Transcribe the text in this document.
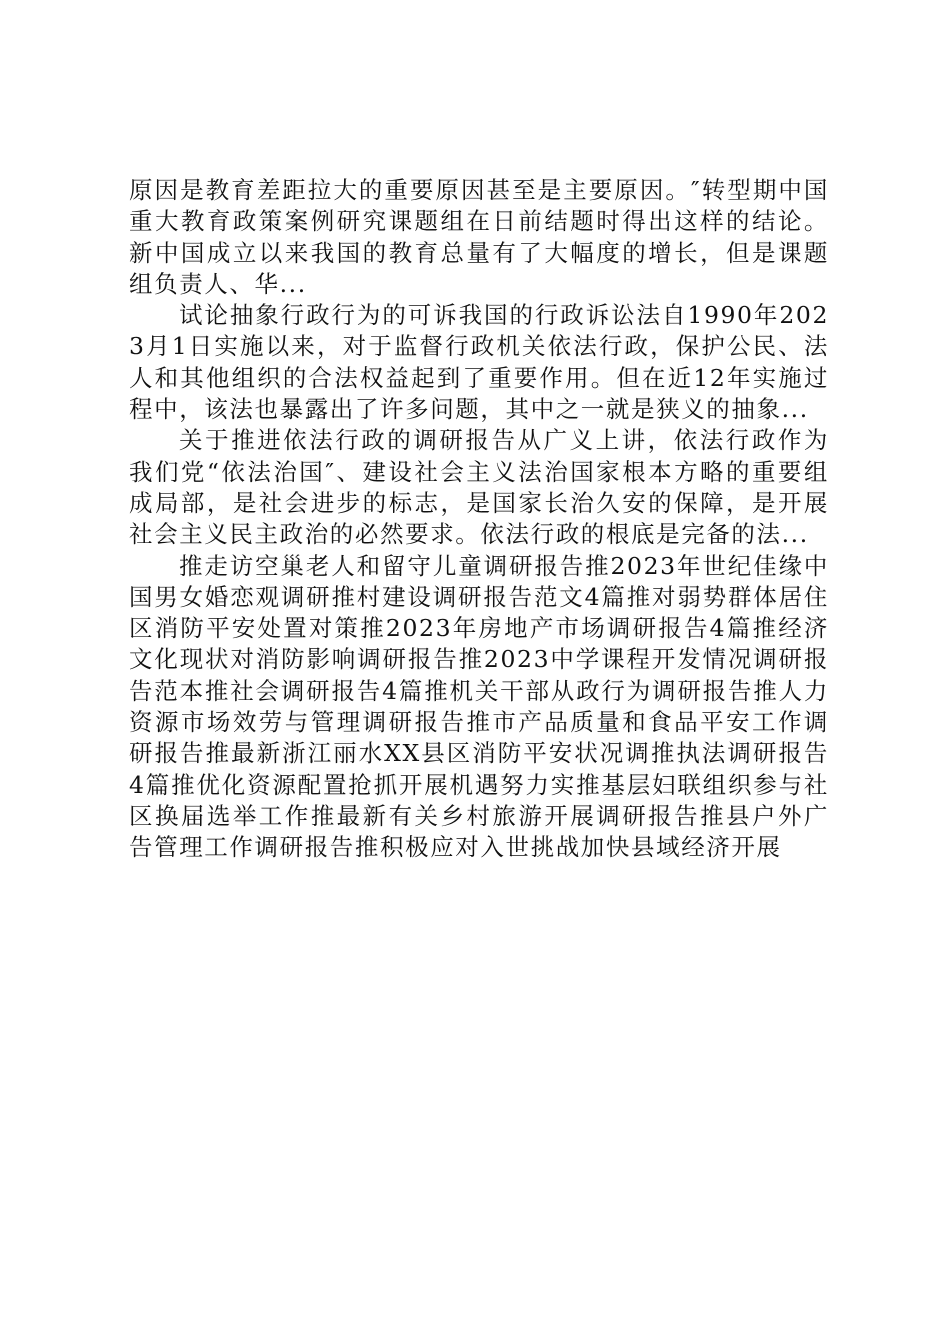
原因是教育差距拉大的重要原因甚至是主要原因。″转型期中国重大教育政策案例研究课题组在日前结题时得出这样的结论。新中国成立以来我国的教育总量有了大幅度的增长，但是课题组负责人、华...

试论抽象行政行为的可诉我国的行政诉讼法自1990年2023月1日实施以来，对于监督行政机关依法行政，保护公民、法人和其他组织的合法权益起到了重要作用。但在近12年实施过程中，该法也暴露出了许多问题，其中之一就是狭义的抽象...

关于推进依法行政的调研报告从广义上讲，依法行政作为我们党“依法治国″、建设社会主义法治国家根本方略的重要组成局部，是社会进步的标志，是国家长治久安的保障，是开展社会主义民主政治的必然要求。依法行政的根底是完备的法...

推走访空巢老人和留守儿童调研报告推2023年世纪佳缘中国男女婚恋观调研推村建设调研报告范文4篇推对弱势群体居住区消防平安处置对策推2023年房地产市场调研报告4篇推经济文化现状对消防影响调研报告推2023中学课程开发情况调研报告范本推社会调研报告4篇推机关干部从政行为调研报告推人力资源市场效劳与管理调研报告推市产品质量和食品平安工作调研报告推最新浙江丽水XX县区消防平安状况调推执法调研报告4篇推优化资源配置抢抓开展机遇努力实推基层妇联组织参与社区换届选举工作推最新有关乡村旅游开展调研报告推县户外广告管理工作调研报告推积极应对入世挑战加快县域经济开展
